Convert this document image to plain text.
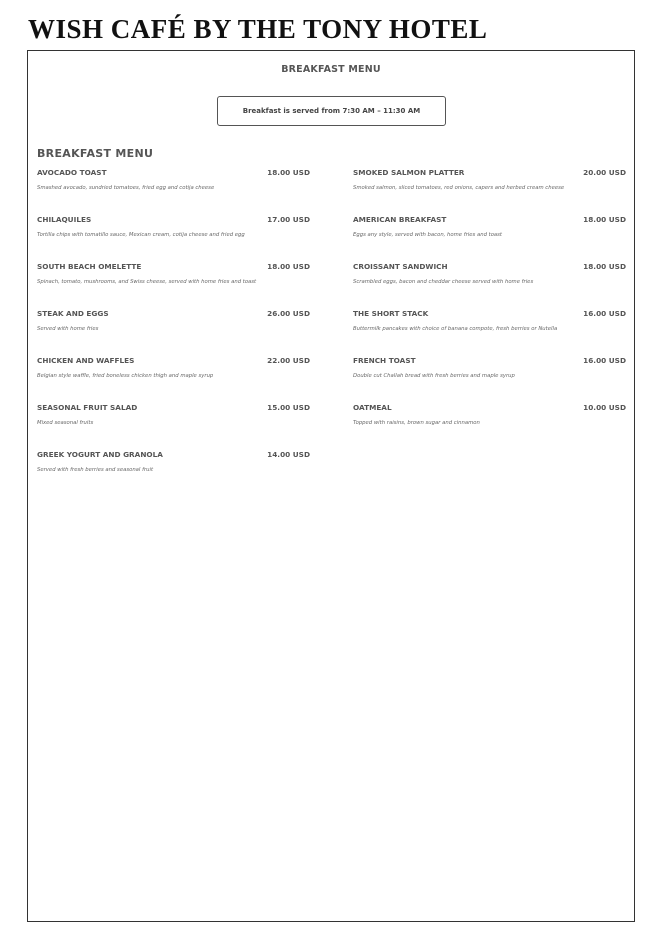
WISH CAFÉ BY THE TONY HOTEL
BREAKFAST MENU
Breakfast is served from 7:30 AM – 11:30 AM
BREAKFAST MENU
AVOCADO TOAST	18.00 USD
Smashed avocado, sundried tomatoes, fried egg and cotija cheese
CHILAQUILES	17.00 USD
Tortilla chips with tomatillo sauce, Mexican cream, cotija cheese and fried egg
SOUTH BEACH OMELETTE	18.00 USD
Spinach, tomato, mushrooms, and Swiss cheese, served with home fries and toast
STEAK AND EGGS	26.00 USD
Served with home fries
CHICKEN AND WAFFLES	22.00 USD
Belgian style waffle, fried boneless chicken thigh and maple syrup
SEASONAL FRUIT SALAD	15.00 USD
Mixed seasonal fruits
GREEK YOGURT AND GRANOLA	14.00 USD
Served with fresh berries and seasonal fruit
SMOKED SALMON PLATTER	20.00 USD
Smoked salmon, sliced tomatoes, red onions, capers and herbed cream cheese
AMERICAN BREAKFAST	18.00 USD
Eggs any style, served with bacon, home fries and toast
CROISSANT SANDWICH	18.00 USD
Scrambled eggs, bacon and cheddar cheese served with home fries
THE SHORT STACK	16.00 USD
Buttermilk pancakes with choice of banana compote, fresh berries or Nutella
FRENCH TOAST	16.00 USD
Double cut Challah bread with fresh berries and maple syrup
OATMEAL	10.00 USD
Topped with raisins, brown sugar and cinnamon
